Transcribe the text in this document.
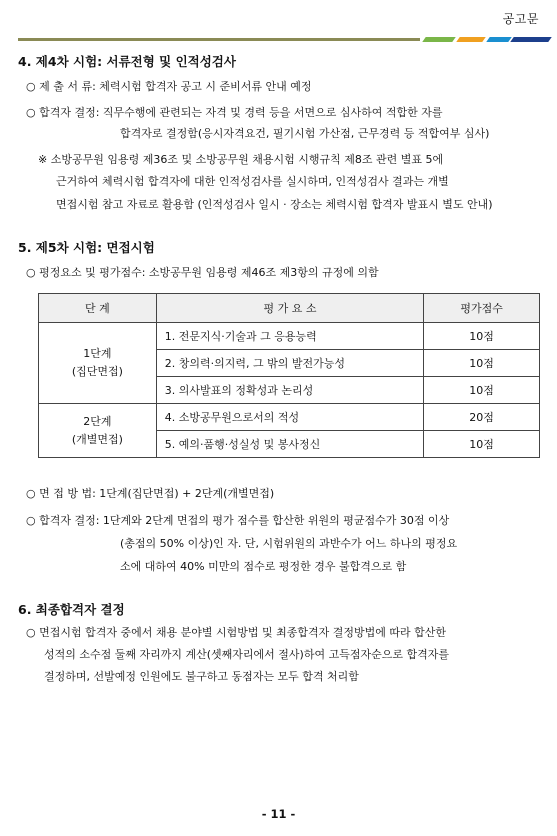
공고문
4. 제4차 시험: 서류전형 및 인적성검사
○ 제 출 서 류: 체력시험 합격자 공고 시 준비서류 안내 예정
○ 합격자 결정: 직무수행에 관련되는 자격 및 경력 등을 서면으로 심사하여 적합한 자를
합격자로 결정함(응시자격요건, 필기시험 가산점, 근무경력 등 적합여부 심사)
※ 소방공무원 임용령 제36조 및 소방공무원 채용시험 시행규칙 제8조 관련 별표 5에
근거하여 체력시험 합격자에 대한 인적성검사를 실시하며, 인적성검사 결과는 개별
면접시험 참고 자료로 활용함 (인적성검사 일시 · 장소는 체력시험 합격자 발표시 별도 안내)
5. 제5차 시험: 면접시험
○ 평정요소 및 평가점수: 소방공무원 임용령 제46조 제3항의 규정에 의함
단 계	평 가 요 소	평가점수

1단계
(집단면접)	1. 전문지식·기술과 그 응용능력	10점
	2. 창의력·의지력, 그 밖의 발전가능성	10점
	3. 의사발표의 정확성과 논리성	10점

2단계
(개별면접)	4. 소방공무원으로서의 적성	20점
	5. 예의·품행·성실성 및 봉사정신	10점
○ 면 접 방 법: 1단계(집단면접) + 2단계(개별면접)
○ 합격자 결정: 1단계와 2단계 면접의 평가 점수를 합산한 위원의 평균점수가 30점 이상
(총점의 50% 이상)인 자. 단, 시험위원의 과반수가 어느 하나의 평정요
소에 대하여 40% 미만의 점수로 평정한 경우 불합격으로 함
6. 최종합격자 결정
○ 면접시험 합격자 중에서 채용 분야별 시험방법 및 최종합격자 결정방법에 따라 합산한
성적의 소수점 둘째 자리까지 계산(셋째자리에서 절사)하여 고득점자순으로 합격자를
결정하며, 선발예정 인원에도 불구하고 동점자는 모두 합격 처리함
- 11 -
